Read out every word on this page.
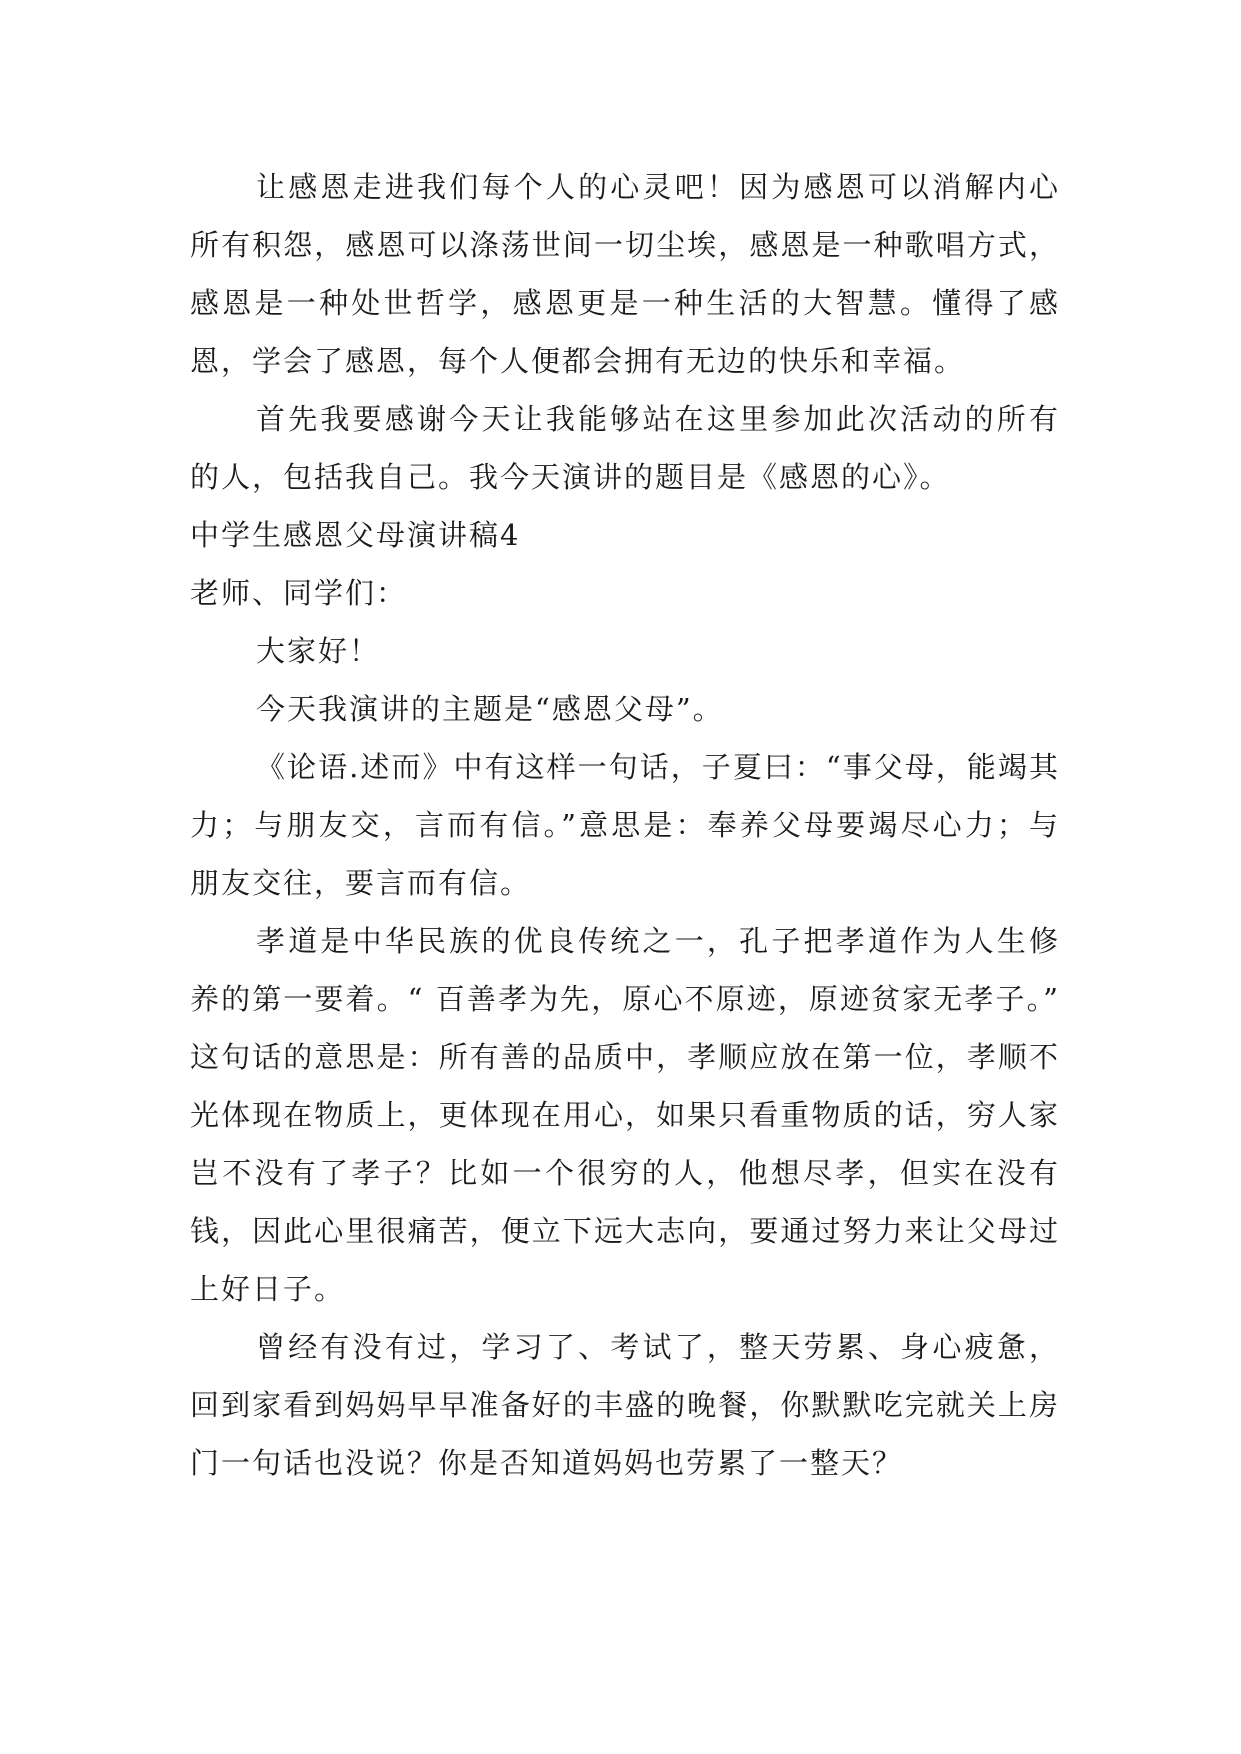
让感恩走进我们每个人的心灵吧！因为感恩可以消解内心所有积怨，感恩可以涤荡世间一切尘埃，感恩是一种歌唱方式，感恩是一种处世哲学，感恩更是一种生活的大智慧。懂得了感恩，学会了感恩，每个人便都会拥有无边的快乐和幸福。

首先我要感谢今天让我能够站在这里参加此次活动的所有的人，包括我自己。我今天演讲的题目是《感恩的心》。

中学生感恩父母演讲稿4

老师、同学们：

大家好！

今天我演讲的主题是“感恩父母”。

《论语.述而》中有这样一句话，子夏曰：“事父母，能竭其力；与朋友交，言而有信。”意思是：奉养父母要竭尽心力；与朋友交往，要言而有信。

孝道是中华民族的优良传统之一，孔子把孝道作为人生修养的第一要着。“ 百善孝为先，原心不原迹，原迹贫家无孝子。” 这句话的意思是：所有善的品质中，孝顺应放在第一位，孝顺不光体现在物质上，更体现在用心，如果只看重物质的话，穷人家岂不没有了孝子？比如一个很穷的人，他想尽孝，但实在没有钱，因此心里很痛苦，便立下远大志向，要通过努力来让父母过上好日子。

曾经有没有过，学习了、考试了，整天劳累、身心疲惫，回到家看到妈妈早早准备好的丰盛的晚餐，你默默吃完就关上房门一句话也没说？你是否知道妈妈也劳累了一整天？
